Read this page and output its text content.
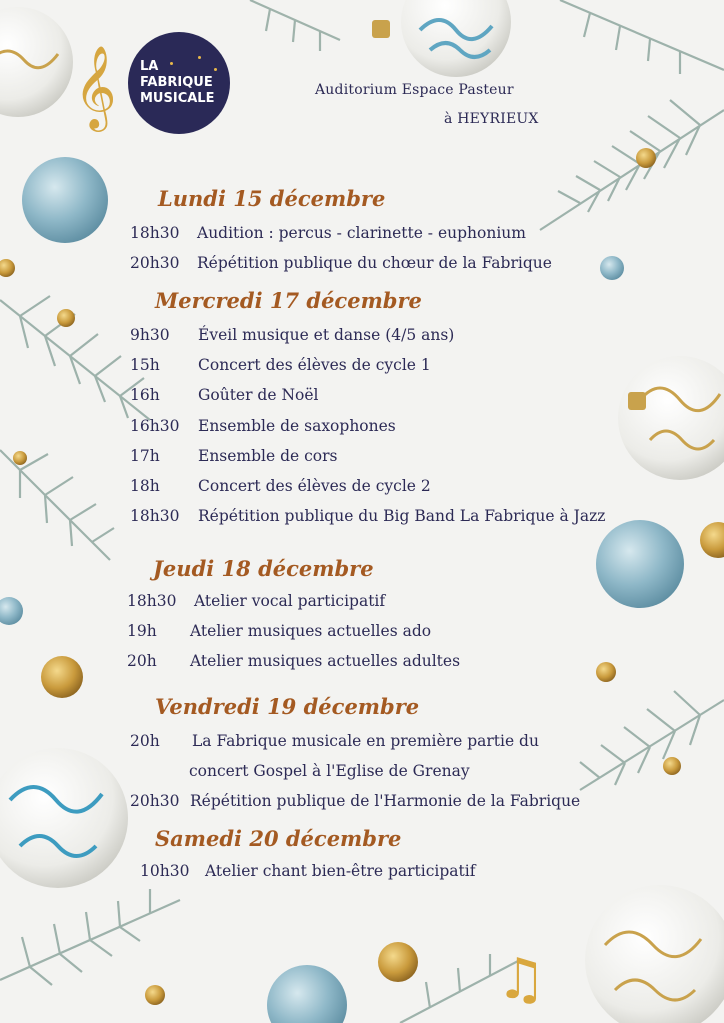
𝄞 LA
FABRIQUE
MUSICALE
Auditorium Espace Pasteur
à HEYRIEUX
Lundi 15 décembre
18h30 Audition : percus - clarinette - euphonium
20h30 Répétition publique du chœur de la Fabrique
Mercredi 17 décembre
9h30 Éveil musique et danse (4/5 ans)
15h Concert des élèves de cycle 1
16h Goûter de Noël
16h30 Ensemble de saxophones
17h Ensemble de cors
18h Concert des élèves de cycle 2
18h30 Répétition publique du Big Band La Fabrique à Jazz
Jeudi 18 décembre
18h30 Atelier vocal participatif
19h Atelier musiques actuelles ado
20h Atelier musiques actuelles adultes
Vendredi 19 décembre
20h La Fabrique musicale en première partie du
concert Gospel à l'Eglise de Grenay
20h30 Répétition publique de l'Harmonie de la Fabrique
Samedi 20 décembre
10h30 Atelier chant bien-être participatif
♫
